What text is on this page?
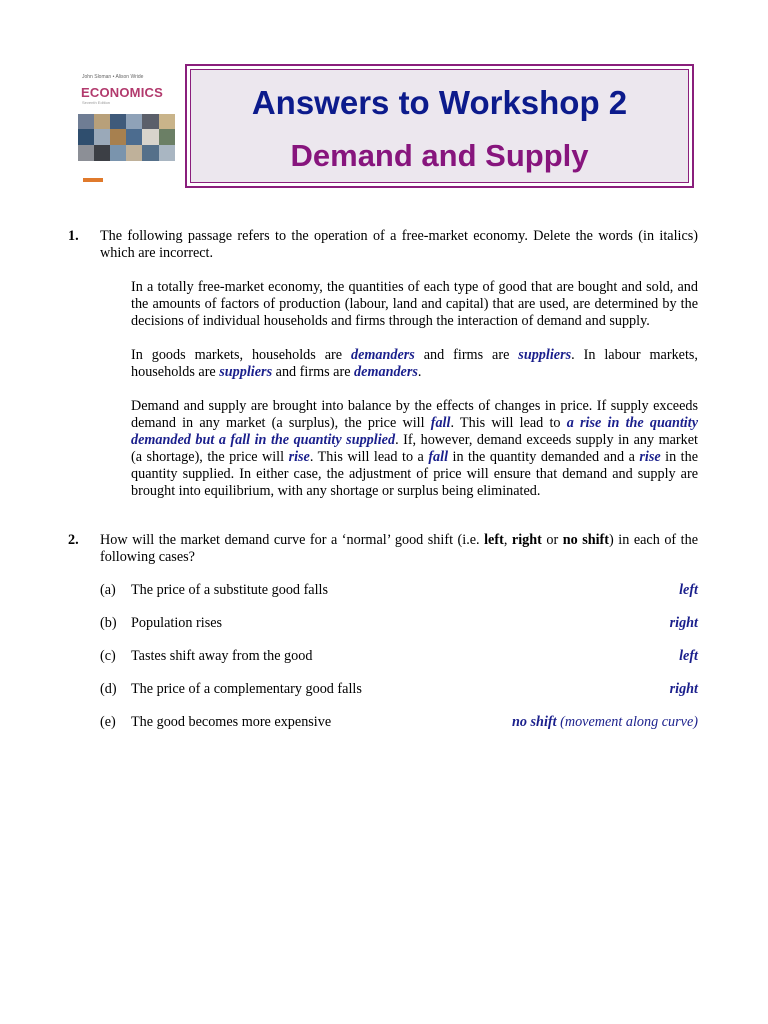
John Sloman • Alison Wride
ECONOMICS
Seventh Edition	Answers to Workshop 2
Demand and Supply
1. The following passage refers to the operation of a free-market economy. Delete the words (in italics) which are incorrect.
In a totally free-market economy, the quantities of each type of good that are bought and sold, and the amounts of factors of production (labour, land and capital) that are used, are determined by the decisions of individual households and firms through the interaction of demand and supply.
In goods markets, households are demanders and firms are suppliers. In labour markets, households are suppliers and firms are demanders.
Demand and supply are brought into balance by the effects of changes in price. If supply exceeds demand in any market (a surplus), the price will fall. This will lead to a rise in the quantity demanded but a fall in the quantity supplied. If, however, demand exceeds supply in any market (a shortage), the price will rise. This will lead to a fall in the quantity demanded and a rise in the quantity supplied. In either case, the adjustment of price will ensure that demand and supply are brought into equilibrium, with any shortage or surplus being eliminated.
2. How will the market demand curve for a ‘normal’ good shift (i.e. left, right or no shift) in each of the following cases?
(a) The price of a substitute good falls	left
(b) Population rises	right
(c) Tastes shift away from the good	left
(d) The price of a complementary good falls	right
(e) The good becomes more expensive	no shift (movement along curve)
